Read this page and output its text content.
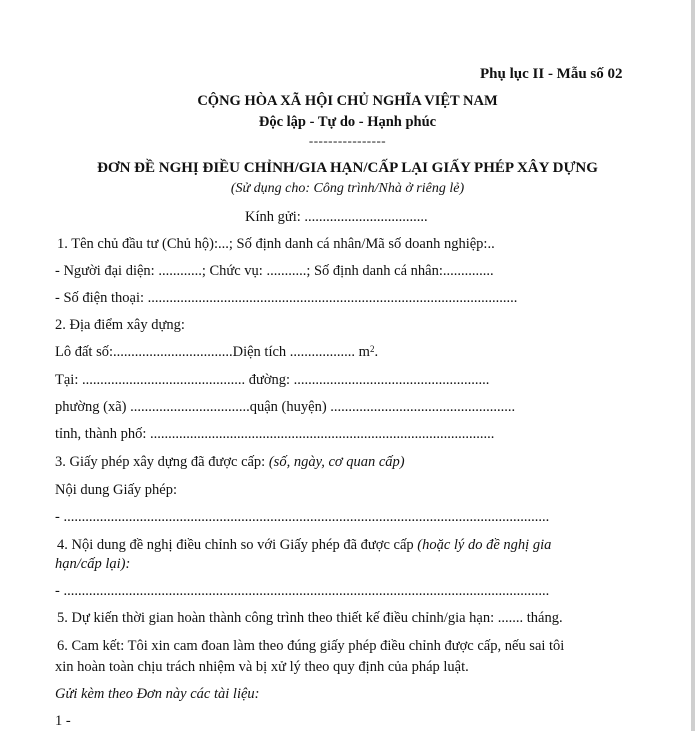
Phụ lục II - Mẫu số 02
CỘNG HÒA XÃ HỘI CHỦ NGHĨA VIỆT NAM
Độc lập - Tự do - Hạnh phúc
----------------
ĐƠN ĐỀ NGHỊ ĐIỀU CHỈNH/GIA HẠN/CẤP LẠI GIẤY PHÉP XÂY DỰNG
(Sử dụng cho: Công trình/Nhà ở riêng lẻ)
Kính gửi: ..................................
1. Tên chủ đầu tư (Chủ hộ):...; Số định danh cá nhân/Mã số doanh nghiệp:..
- Người đại diện: ............; Chức vụ: ...........; Số định danh cá nhân:..............
- Số điện thoại: ......................................................................................................
2. Địa điểm xây dựng:
Lô đất số:.................................Diện tích .................. $m^2$.
Tại: ............................................. đường: ......................................................
phường (xã) .................................quận (huyện) ...................................................
tỉnh, thành phố: ...............................................................................................
3. Giấy phép xây dựng đã được cấp: (số, ngày, cơ quan cấp)
Nội dung Giấy phép:
- ......................................................................................................................................
4. Nội dung đề nghị điều chỉnh so với Giấy phép đã được cấp (hoặc lý do đề nghị gia
hạn/cấp lại):
- ......................................................................................................................................
5. Dự kiến thời gian hoàn thành công trình theo thiết kế điều chỉnh/gia hạn: ....... tháng.
6. Cam kết: Tôi xin cam đoan làm theo đúng giấy phép điều chỉnh được cấp, nếu sai tôi
xin hoàn toàn chịu trách nhiệm và bị xử lý theo quy định của pháp luật.
Gửi kèm theo Đơn này các tài liệu:
1 -
